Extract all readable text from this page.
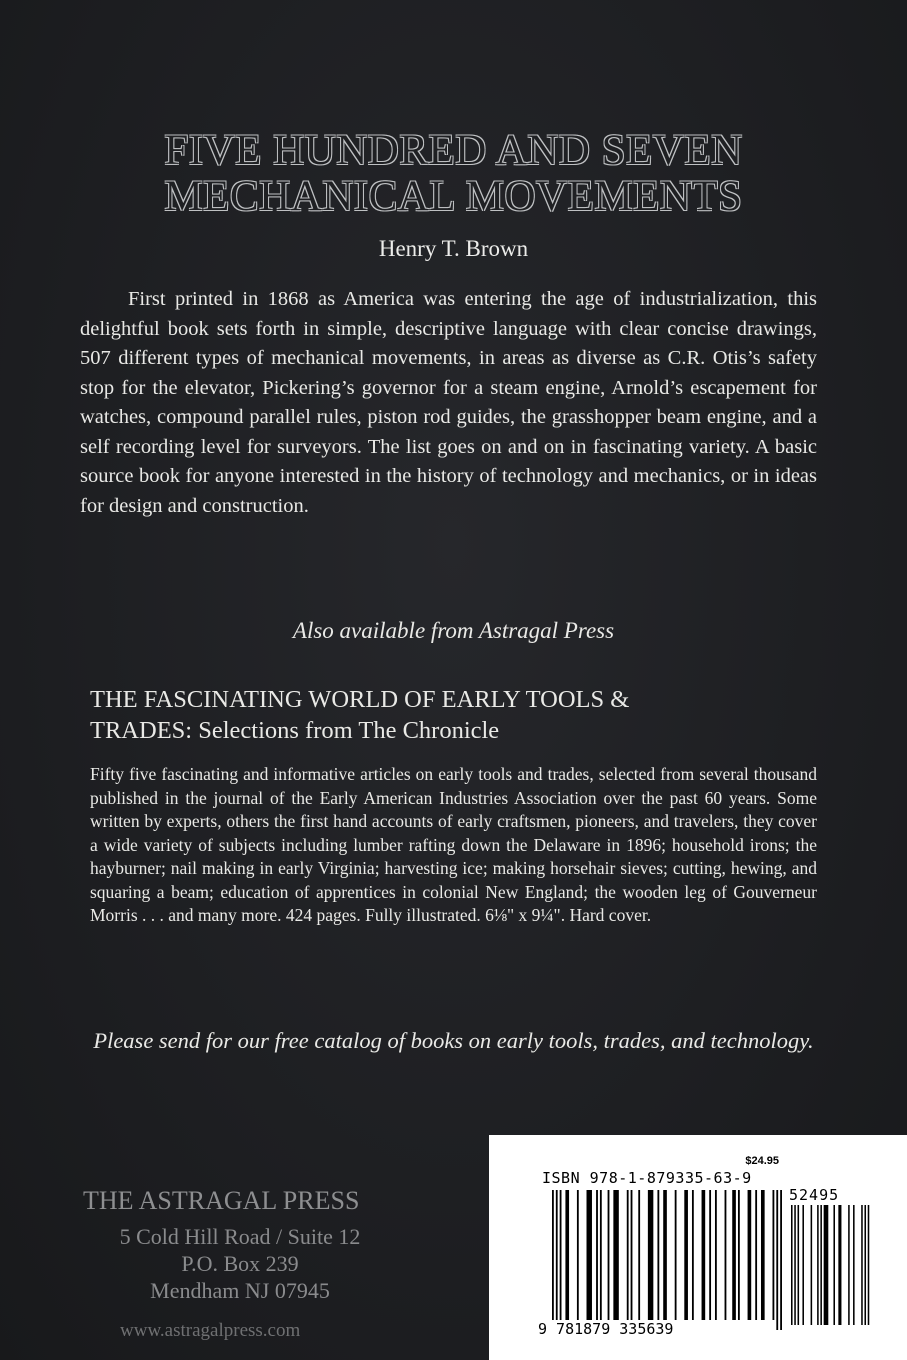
FIVE HUNDRED AND SEVEN
MECHANICAL MOVEMENTS
Henry T. Brown

First printed in 1868 as America was entering the age of industrialization, this delightful book sets forth in simple, descriptive language with clear concise drawings, 507 different types of mechanical movements, in areas as diverse as C.R. Otis’s safety stop for the elevator, Pickering’s governor for a steam engine, Arnold’s escapement for watches, compound parallel rules, piston rod guides, the grasshopper beam engine, and a self recording level for surveyors. The list goes on and on in fascinating variety. A basic source book for anyone interested in the history of technology and mechanics, or in ideas for design and construction.

Also available from Astragal Press
THE FASCINATING WORLD OF EARLY TOOLS &
TRADES: Selections from The Chronicle

Fifty five fascinating and informative articles on early tools and trades, selected from several thousand published in the journal of the Early American Industries Association over the past 60 years. Some written by experts, others the first hand accounts of early craftsmen, pioneers, and travelers, they cover a wide variety of subjects including lumber rafting down the Delaware in 1896; household irons; the hayburner; nail making in early Virginia; harvesting ice; making horsehair sieves; cutting, hewing, and squaring a beam; education of apprentices in colonial New England; the wooden leg of Gouverneur Morris . . . and many more. 424 pages. Fully illustrated. 6⅛" x 9¼". Hard cover.

Please send for our free catalog of books on early tools, trades, and technology.
THE ASTRAGAL PRESS
5 Cold Hill Road / Suite 12
P.O. Box 239
Mendham NJ 07945
www.astragalpress.com
$24.95
ISBN 978-1-879335-63-9
52495
9 781879 335639
